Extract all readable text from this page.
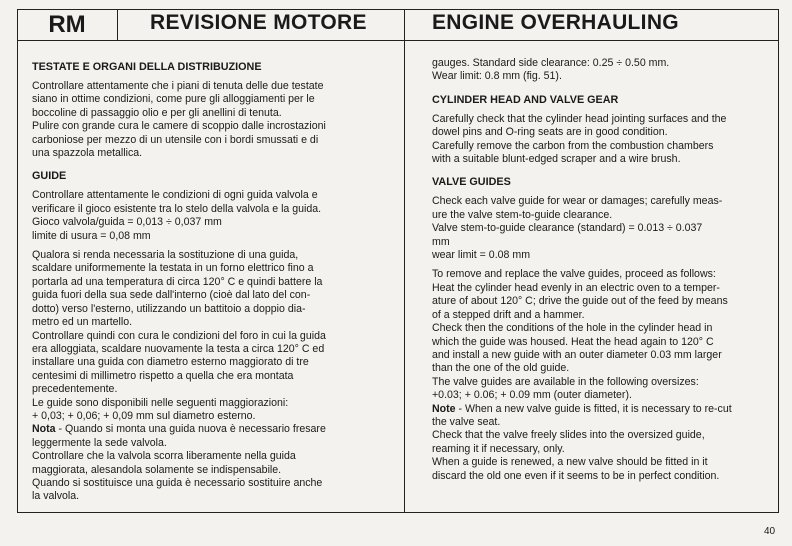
RM	REVISIONE MOTORE	ENGINE OVERHAULING
TESTATE E ORGANI DELLA DISTRIBUZIONE

Controllare attentamente che i piani di tenuta delle due testate
siano in ottime condizioni, come pure gli alloggiamenti per le
boccoline di passaggio olio e per gli anellini di tenuta.

Pulire con grande cura le camere di scoppio dalle incrostazioni
carboniose per mezzo di un utensile con i bordi smussati e di
una spazzola metallica.

GUIDE

Controllare attentamente le condizioni di ogni guida valvola e
verificare il gioco esistente tra lo stelo della valvola e la guida.
Gioco valvola/guida = 0,013 ÷ 0,037 mm
limite di usura = 0,08 mm

Qualora si renda necessaria la sostituzione di una guida,
scaldare uniformemente la testata in un forno elettrico fino a
portarla ad una temperatura di circa 120° C e quindi battere la
guida fuori della sua sede dall'interno (cioè dal lato del con-
dotto) verso l'esterno, utilizzando un battitoio a doppio dia-
metro ed un martello.

Controllare quindi con cura le condizioni del foro in cui la guida
era alloggiata, scaldare nuovamente la testa a circa 120° C ed
installare una guida con diametro esterno maggiorato di tre
centesimi di millimetro rispetto a quella che era montata
precedentemente.

Le guide sono disponibili nelle seguenti maggiorazioni:
+ 0,03; + 0,06; + 0,09 mm sul diametro esterno.

Nota - Quando si monta una guida nuova è necessario fresare
leggermente la sede valvola.

Controllare che la valvola scorra liberamente nella guida
maggiorata, alesandola solamente se indispensabile.

Quando si sostituisce una guida è necessario sostituire anche
la valvola.

gauges. Standard side clearance: 0.25 ÷ 0.50 mm.
Wear limit: 0.8 mm (fig. 51).

CYLINDER HEAD AND VALVE GEAR

Carefully check that the cylinder head jointing surfaces and the
dowel pins and O-ring seats are in good condition.
Carefully remove the carbon from the combustion chambers
with a suitable blunt-edged scraper and a wire brush.

VALVE GUIDES

Check each valve guide for wear or damages; carefully meas-
ure the valve stem-to-guide clearance.
Valve stem-to-guide clearance (standard) = 0.013 ÷ 0.037
mm
wear limit = 0.08 mm

To remove and replace the valve guides, proceed as follows:
Heat the cylinder head evenly in an electric oven to a temper-
ature of about 120° C; drive the guide out of the feed by means
of a stepped drift and a hammer.

Check then the conditions of the hole in the cylinder head in
which the guide was housed. Heat the head again to 120° C
and install a new guide with an outer diameter 0.03 mm larger
than the one of the old guide.

The valve guides are available in the following oversizes:
+0.03; + 0.06; + 0.09 mm (outer diameter).

Note - When a new valve guide is fitted, it is necessary to re-cut
the valve seat.

Check that the valve freely slides into the oversized guide,
reaming it if necessary, only.

When a guide is renewed, a new valve should be fitted in it
discard the old one even if it seems to be in perfect condition.

40
